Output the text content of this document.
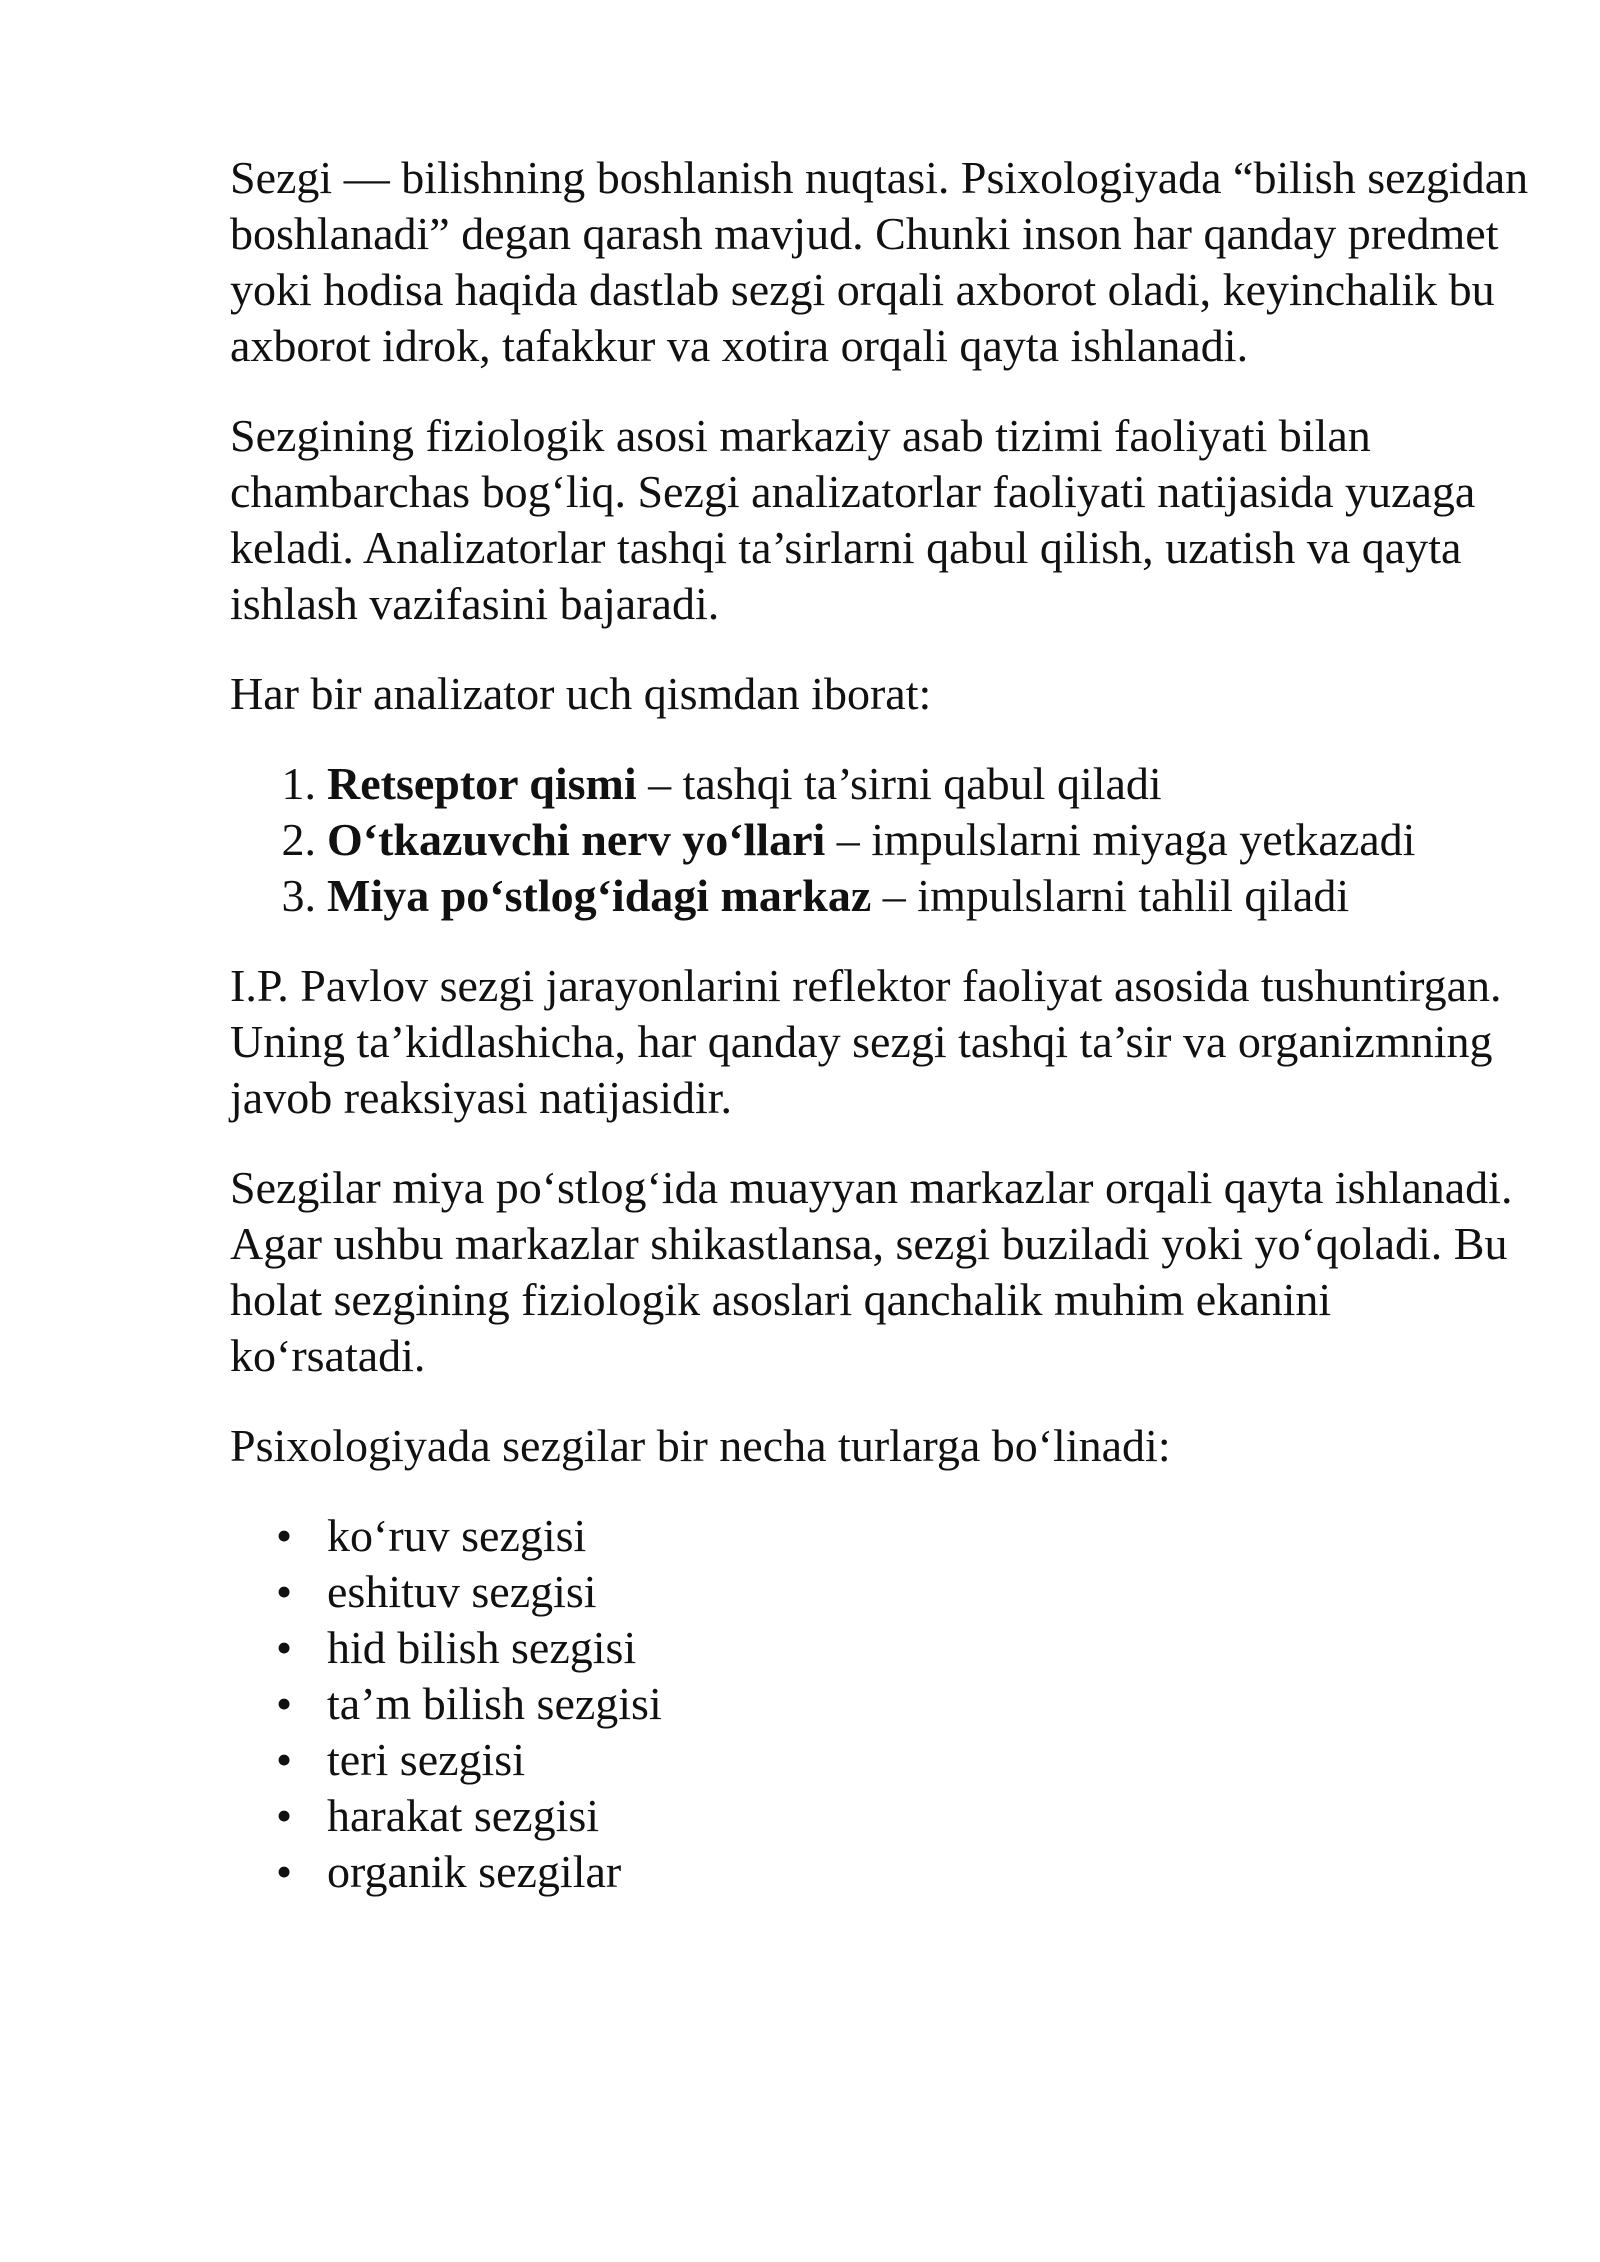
Sezgi — bilishning boshlanish nuqtasi. Psixologiyada “bilish sezgidan boshlanadi” degan qarash mavjud. Chunki inson har qanday predmet yoki hodisa haqida dastlab sezgi orqali axborot oladi, keyinchalik bu axborot idrok, tafakkur va xotira orqali qayta ishlanadi.

Sezgining fiziologik asosi markaziy asab tizimi faoliyati bilan chambarchas bog‘liq. Sezgi analizatorlar faoliyati natijasida yuzaga keladi. Analizatorlar tashqi ta’sirlarni qabul qilish, uzatish va qayta ishlash vazifasini bajaradi.

Har bir analizator uch qismdan iborat:

1. Retseptor qismi – tashqi ta’sirni qabul qiladi
2. O‘tkazuvchi nerv yo‘llari – impulslarni miyaga yetkazadi
3. Miya po‘stlog‘idagi markaz – impulslarni tahlil qiladi

I.P. Pavlov sezgi jarayonlarini reflektor faoliyat asosida tushuntirgan. Uning ta’kidlashicha, har qanday sezgi tashqi ta’sir va organizmning javob reaksiyasi natijasidir.

Sezgilar miya po‘stlog‘ida muayyan markazlar orqali qayta ishlanadi. Agar ushbu markazlar shikastlansa, sezgi buziladi yoki yo‘qoladi. Bu holat sezgining fiziologik asoslari qanchalik muhim ekanini ko‘rsatadi.

Psixologiyada sezgilar bir necha turlarga bo‘linadi:

• ko‘ruv sezgisi
• eshituv sezgisi
• hid bilish sezgisi
• ta’m bilish sezgisi
• teri sezgisi
• harakat sezgisi
• organik sezgilar
